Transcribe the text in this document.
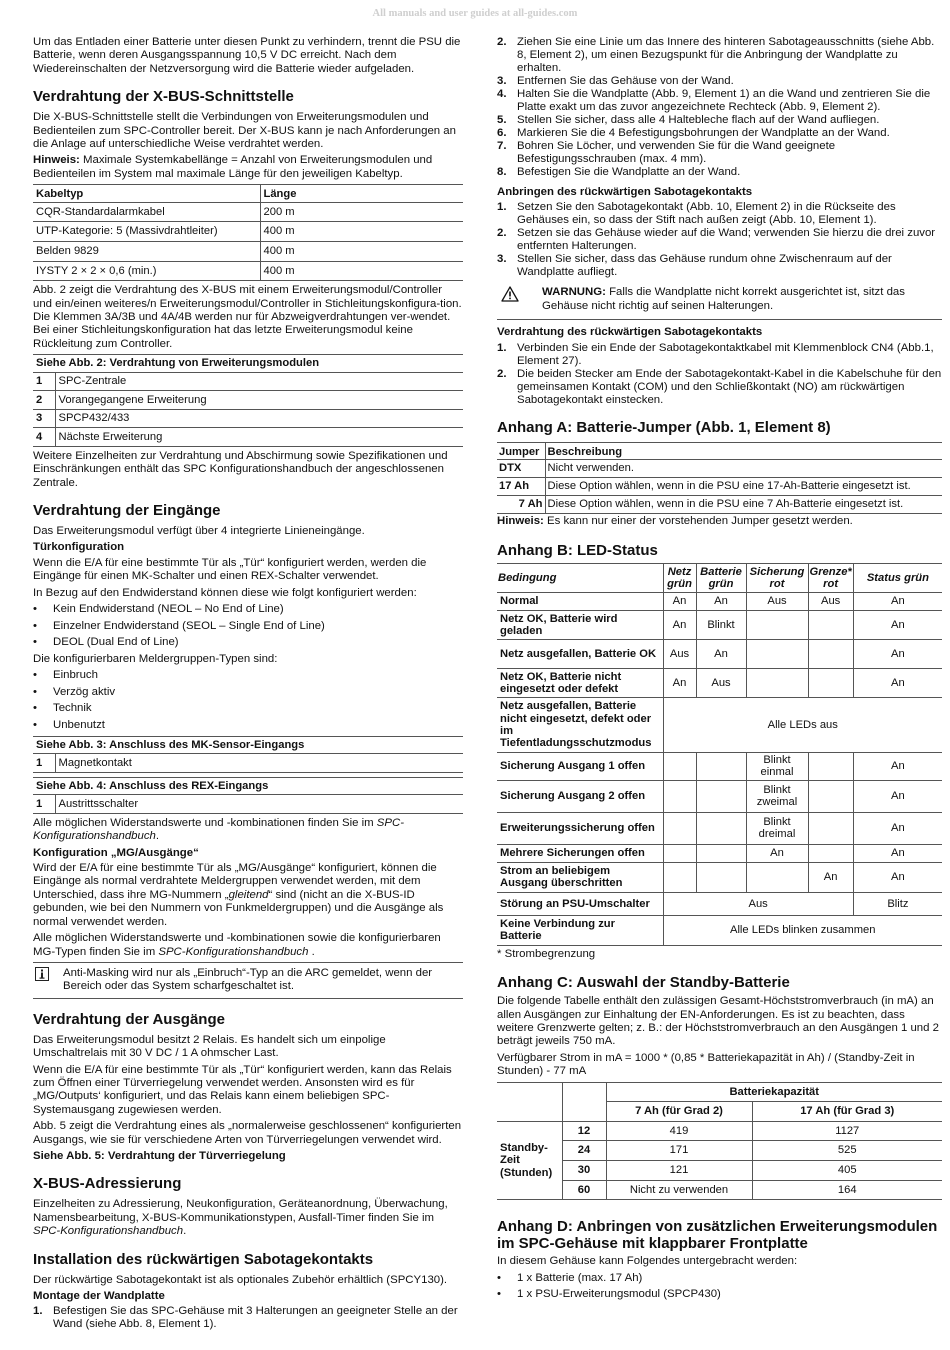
All manuals and user guides at all-guides.com

Um das Entladen einer Batterie unter diesen Punkt zu verhindern, trennt die PSU die Batterie, wenn deren Ausgangsspannung 10,5 V DC erreicht. Nach dem Wiedereinschalten der Netzversorgung wird die Batterie wieder aufgeladen.

Verdrahtung der X-BUS-Schnittstelle

Die X-BUS-Schnittstelle stellt die Verbindungen von Erweiterungsmodulen und Bedienteilen zum SPC-Controller bereit. Der X-BUS kann je nach Anforderungen an die Anlage auf unterschiedliche Weise verdrahtet werden.

Hinweis: Maximale Systemkabellänge = Anzahl von Erweiterungsmodulen und Bedienteilen im System mal maximale Länge für den jeweiligen Kabeltyp.

Kabeltyp	Länge
CQR-Standardalarmkabel	200 m
UTP-Kategorie: 5 (Massivdrahtleiter)	400 m
Belden 9829	400 m
IYSTY 2 × 2 × 0,6 (min.)	400 m

Abb. 2 zeigt die Verdrahtung des X-BUS mit einem Erweiterungsmodul/Controller und ein/einen weiteres/n Erweiterungsmodul/Controller in Stichleitungskonfigura-tion. Die Klemmen 3A/3B und 4A/4B werden nur für Abzweigverdrahtungen ver-wendet. Bei einer Stichleitungskonfiguration hat das letzte Erweiterungsmodul keine Rückleitung zum Controller.

Siehe Abb. 2: Verdrahtung von Erweiterungsmodulen	
1	SPC-Zentrale
2	Vorangegangene Erweiterung
3	SPCP432/433
4	Nächste Erweiterung

Weitere Einzelheiten zur Verdrahtung und Abschirmung sowie Spezifikationen und Einschränkungen enthält das SPC Konfigurationshandbuch der angeschlossenen Zentrale.

Verdrahtung der Eingänge

Das Erweiterungsmodul verfügt über 4 integrierte Linieneingänge.

Türkonfiguration

Wenn die E/A für eine bestimmte Tür als „Tür“ konfiguriert werden, werden die Eingänge für einen MK-Schalter und einen REX-Schalter verwendet.

In Bezug auf den Endwiderstand können diese wie folgt konfiguriert werden:

• Kein Endwiderstand (NEOL – No End of Line)
• Einzelner Endwiderstand (SEOL – Single End of Line)
• DEOL (Dual End of Line)

Die konfigurierbaren Meldergruppen-Typen sind:

• Einbruch
• Verzög aktiv
• Technik
• Unbenutzt
Siehe Abb. 3: Anschluss des MK-Sensor-Eingangs
1	Magnetkontakt
Siehe Abb. 4: Anschluss des REX-Eingangs
1	Austrittsschalter

Alle möglichen Widerstandswerte und -kombinationen finden Sie im SPC-Konfigurationshandbuch.

Konfiguration „MG/Ausgänge“

Wird der E/A für eine bestimmte Tür als „MG/Ausgänge“ konfiguriert, können die Eingänge als normal verdrahtete Meldergruppen verwendet werden, mit dem Unterschied, dass ihre MG-Nummern „gleitend“ sind (nicht an die X-BUS-ID gebunden, wie bei den Nummern von Funkmeldergruppen) und die Ausgänge als normal verwendet werden.

Alle möglichen Widerstandswerte und -kombinationen sowie die konfigurierbaren MG-Typen finden Sie im SPC-Konfigurationshandbuch .

Anti-Masking wird nur als „Einbruch“-Typ an die ARC gemeldet, wenn der Bereich oder das System scharfgeschaltet ist.
Verdrahtung der Ausgänge

Das Erweiterungsmodul besitzt 2 Relais. Es handelt sich um einpolige Umschaltrelais mit 30 V DC / 1 A ohmscher Last.

Wenn die E/A für eine bestimmte Tür als „Tür“ konfiguriert werden, kann das Relais zum Öffnen einer Türverriegelung verwendet werden. Ansonsten wird es für „MG/Outputs‘ konfiguriert, und das Relais kann einem beliebigen SPC-Systemausgang zugewiesen werden.

Abb. 5 zeigt die Verdrahtung eines als „normalerweise geschlossenen“ konfigurierten Ausgangs, wie sie für verschiedene Arten von Türverriegelungen verwendet wird.

Siehe Abb. 5: Verdrahtung der Türverriegelung

X-BUS-Adressierung

Einzelheiten zu Adressierung, Neukonfiguration, Geräteanordnung, Überwachung, Namensbearbeitung, X-BUS-Kommunikationstypen, Ausfall-Timer finden Sie im SPC-Konfigurationshandbuch.

Installation des rückwärtigen Sabotagekontakts

Der rückwärtige Sabotagekontakt ist als optionales Zubehör erhältlich (SPCY130).

Montage der Wandplatte
1. Befestigen Sie das SPC-Gehäuse mit 3 Halterungen an geeigneter Stelle an der Wand (siehe Abb. 8, Element 1).
2. Ziehen Sie eine Linie um das Innere des hinteren Sabotageausschnitts (siehe Abb. 8, Element 2), um einen Bezugspunkt für die Anbringung der Wandplatte zu erhalten.
3. Entfernen Sie das Gehäuse von der Wand.
4. Halten Sie die Wandplatte (Abb. 9, Element 1) an die Wand und zentrieren Sie die Platte exakt um das zuvor angezeichnete Rechteck (Abb. 9, Element 2).
5. Stellen Sie sicher, dass alle 4 Haltebleche flach auf der Wand aufliegen.
6. Markieren Sie die 4 Befestigungsbohrungen der Wandplatte an der Wand.
7. Bohren Sie Löcher, und verwenden Sie für die Wand geeignete Befestigungsschrauben (max. 4 mm).
8. Befestigen Sie die Wandplatte an der Wand.
Anbringen des rückwärtigen Sabotagekontakts
1. Setzen Sie den Sabotagekontakt (Abb. 10, Element 2) in die Rückseite des Gehäuses ein, so dass der Stift nach außen zeigt (Abb. 10, Element 1).
2. Setzen sie das Gehäuse wieder auf die Wand; verwenden Sie hierzu die drei zuvor entfernten Halterungen.
3. Stellen Sie sicher, dass das Gehäuse rundum ohne Zwischenraum auf der Wandplatte aufliegt.
WARNUNG: Falls die Wandplatte nicht korrekt ausgerichtet ist, sitzt das Gehäuse nicht richtig auf seinen Halterungen.
Verdrahtung des rückwärtigen Sabotagekontakts
1. Verbinden Sie ein Ende der Sabotagekontaktkabel mit Klemmenblock CN4 (Abb.1, Element 27).
2. Die beiden Stecker am Ende der Sabotagekontakt-Kabel in die Kabelschuhe für den gemeinsamen Kontakt (COM) und den Schließkontakt (NO) am rückwärtigen Sabotagekontakt einstecken.
Anhang A: Batterie-Jumper (Abb. 1, Element 8)
Jumper	Beschreibung
DTX	Nicht verwenden.
17 Ah	Diese Option wählen, wenn in die PSU eine 17-Ah-Batterie eingesetzt ist.
7 Ah	Diese Option wählen, wenn in die PSU eine 7 Ah-Batterie eingesetzt ist.

Hinweis: Es kann nur einer der vorstehenden Jumper gesetzt werden.

Anhang B: LED-Status
Bedingung	Netz grün	Batterie grün	Sicherung rot	Grenze* rot	Status grün
Normal	An	An	Aus	Aus	An
Netz OK, Batterie wird geladen	An	Blinkt			An
Netz ausgefallen, Batterie OK	Aus	An			An
Netz OK, Batterie nicht eingesetzt oder defekt	An	Aus			An
Netz ausgefallen, Batterie nicht eingesetzt, defekt oder im Tiefentladungsschutzmodus	Alle LEDs aus				
Sicherung Ausgang 1 offen			Blinkt einmal		An
Sicherung Ausgang 2 offen			Blinkt zweimal		An
Erweiterungssicherung offen			Blinkt dreimal		An
Mehrere Sicherungen offen			An		An
Strom an beliebigem Ausgang überschritten				An	An
Störung an PSU-Umschalter	Aus				Blitz
Keine Verbindung zur Batterie	Alle LEDs blinken zusammen				

* Strombegrenzung

Anhang C: Auswahl der Standby-Batterie

Die folgende Tabelle enthält den zulässigen Gesamt-Höchststromverbrauch (in mA) an allen Ausgängen zur Einhaltung der EN-Anforderungen. Es ist zu beachten, dass weitere Grenzwerte gelten; z. B.: der Höchststromverbrauch an den Ausgängen 1 und 2 beträgt jeweils 750 mA.

Verfügbarer Strom in mA = 1000 * (0,85 * Batteriekapazität in Ah) / (Standby-Zeit in Stunden) - 77 mA

		Batteriekapazität	
		7 Ah (für Grad 2)	17 Ah (für Grad 3)
Standby-Zeit (Stunden)	12	419	1127
	24	171	525
	30	121	405
	60	Nicht zu verwenden	164
Anhang D: Anbringen von zusätzlichen Erweiterungsmodulen im SPC-Gehäuse mit klappbarer Frontplatte

In diesem Gehäuse kann Folgendes untergebracht werden:

• 1 x Batterie (max. 17 Ah)
• 1 x PSU-Erweiterungsmodul (SPCP430)
